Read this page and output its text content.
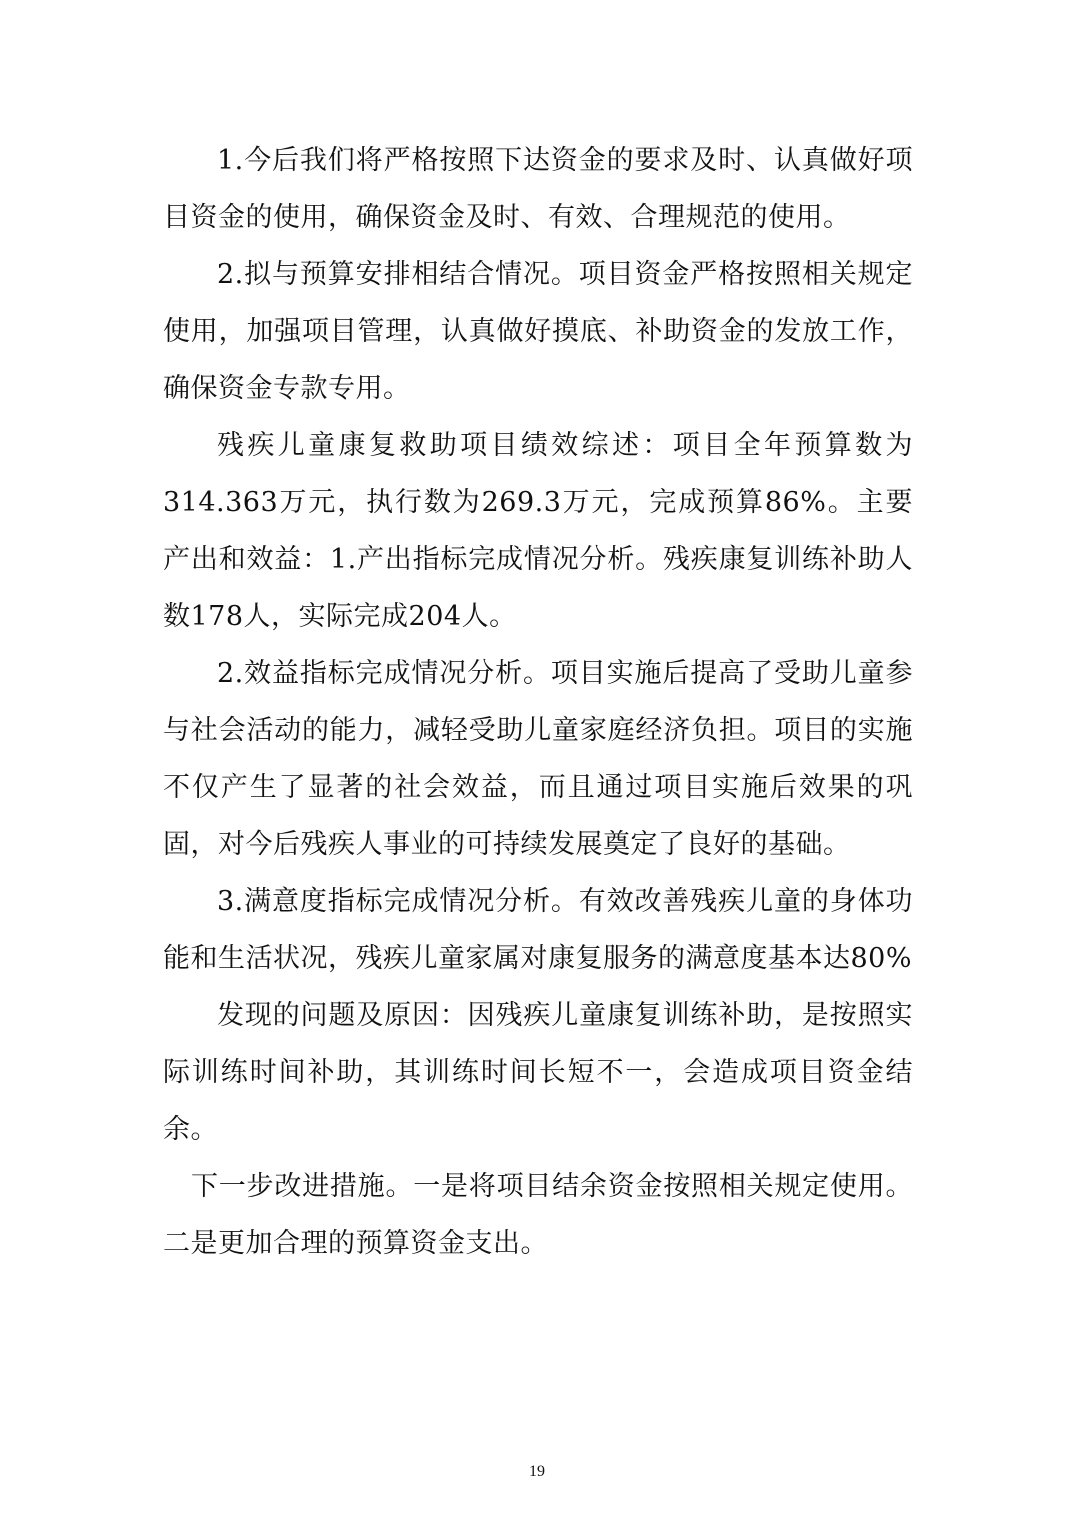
1.今后我们将严格按照下达资金的要求及时、认真做好项目资金的使用，确保资金及时、有效、合理规范的使用。

2.拟与预算安排相结合情况。项目资金严格按照相关规定使用，加强项目管理，认真做好摸底、补助资金的发放工作，确保资金专款专用。

残疾儿童康复救助项目绩效综述：项目全年预算数为314.363万元，执行数为269.3万元，完成预算86%。主要产出和效益：1.产出指标完成情况分析。残疾康复训练补助人数178人，实际完成204人。

2.效益指标完成情况分析。项目实施后提高了受助儿童参与社会活动的能力，减轻受助儿童家庭经济负担。项目的实施不仅产生了显著的社会效益，而且通过项目实施后效果的巩固，对今后残疾人事业的可持续发展奠定了良好的基础。

3.满意度指标完成情况分析。有效改善残疾儿童的身体功能和生活状况，残疾儿童家属对康复服务的满意度基本达80%

发现的问题及原因：因残疾儿童康复训练补助，是按照实际训练时间补助，其训练时间长短不一，会造成项目资金结余。

下一步改进措施。一是将项目结余资金按照相关规定使用。二是更加合理的预算资金支出。

19
